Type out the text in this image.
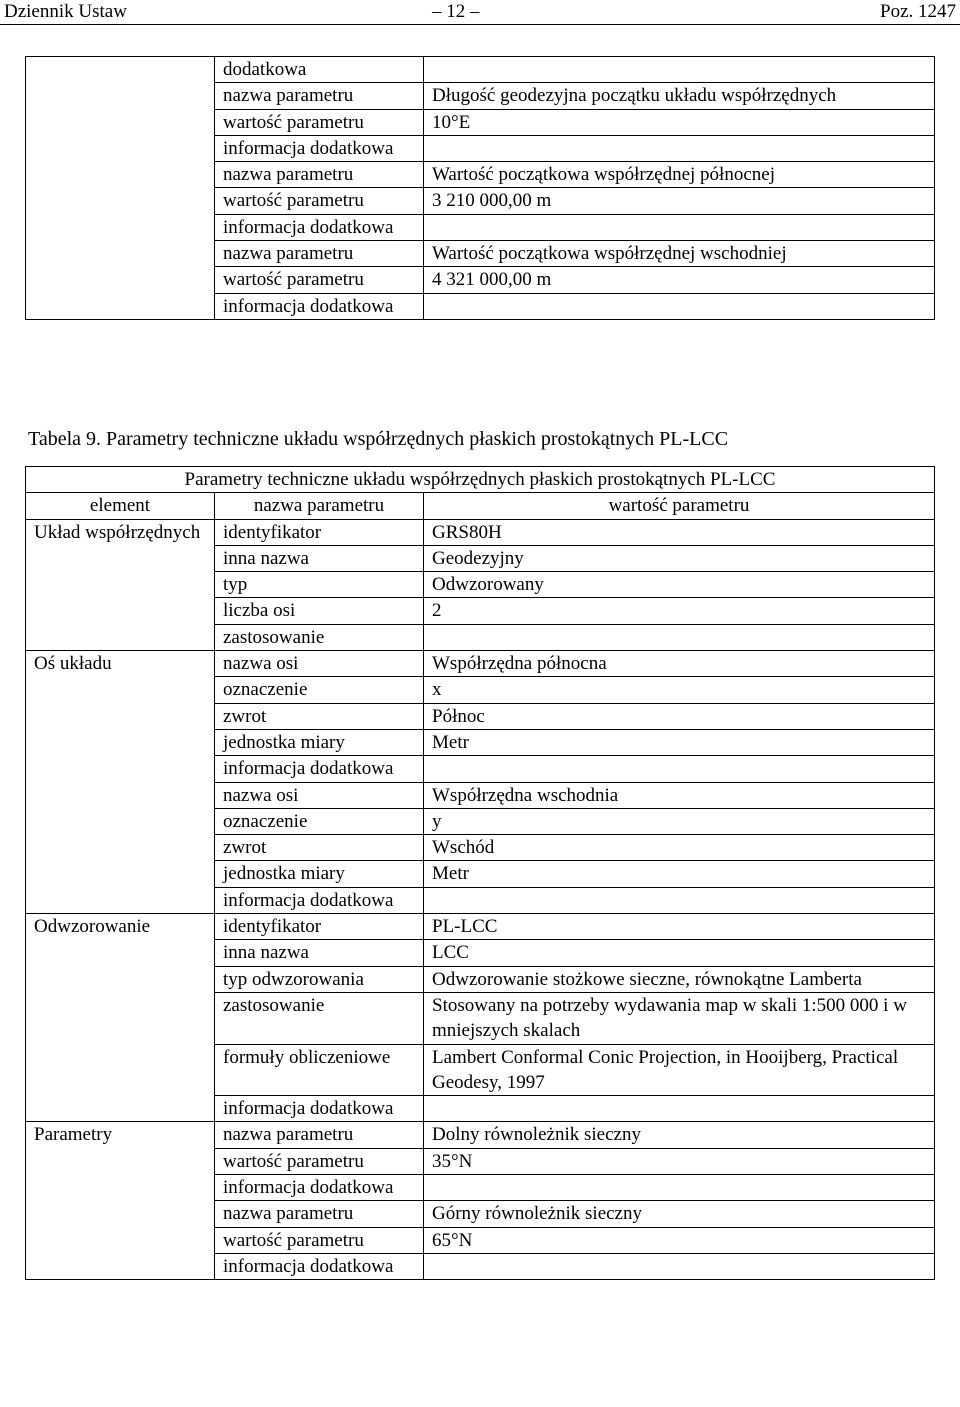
Dziennik Ustaw	– 12 –	Poz. 1247
	dodatkowa	
	nazwa parametru	Długość geodezyjna początku układu współrzędnych
	wartość parametru	10°E
	informacja dodatkowa	
	nazwa parametru	Wartość początkowa współrzędnej północnej
	wartość parametru	3 210 000,00 m
	informacja dodatkowa	
	nazwa parametru	Wartość początkowa współrzędnej wschodniej
	wartość parametru	4 321 000,00 m
	informacja dodatkowa	
Tabela 9. Parametry techniczne układu współrzędnych płaskich prostokątnych PL-LCC
Parametry techniczne układu współrzędnych płaskich prostokątnych PL-LCC		
element	nazwa parametru	wartość parametru
Układ współrzędnych	identyfikator	GRS80H
	inna nazwa	Geodezyjny
	typ	Odwzorowany
	liczba osi	2
	zastosowanie	
Oś układu	nazwa osi	Współrzędna północna
	oznaczenie	x
	zwrot	Północ
	jednostka miary	Metr
	informacja dodatkowa	
	nazwa osi	Współrzędna wschodnia
	oznaczenie	y
	zwrot	Wschód
	jednostka miary	Metr
	informacja dodatkowa	
Odwzorowanie	identyfikator	PL-LCC
	inna nazwa	LCC
	typ odwzorowania	Odwzorowanie stożkowe sieczne, równokątne Lamberta
	zastosowanie	Stosowany na potrzeby wydawania map w skali 1:500 000 i w mniejszych skalach
	formuły obliczeniowe	Lambert Conformal Conic Projection, in Hooijberg, Practical Geodesy, 1997
	informacja dodatkowa	
Parametry	nazwa parametru	Dolny równoleżnik sieczny
	wartość parametru	35°N
	informacja dodatkowa	
	nazwa parametru	Górny równoleżnik sieczny
	wartość parametru	65°N
	informacja dodatkowa	
